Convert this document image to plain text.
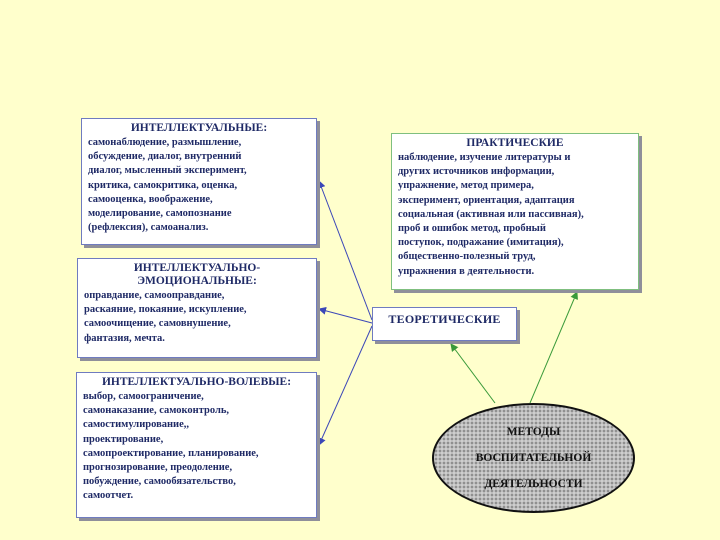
ИНТЕЛЛЕКТУАЛЬНЫЕ:
самонаблюдение, размышление,
обсуждение, диалог, внутренний
диалог, мысленный эксперимент,
критика, самокритика, оценка,
самооценка, воображение,
моделирование, самопознание
(рефлексия), самоанализ.
ИНТЕЛЛЕКТУАЛЬНО-
ЭМОЦИОНАЛЬНЫЕ:
оправдание, самооправдание,
раскаяние, покаяние, искупление,
самоочищение, самовнушение,
фантазия, мечта.
ИНТЕЛЛЕКТУАЛЬНО-ВОЛЕВЫЕ:
выбор, самоограничение,
самонаказание, самоконтроль,
самостимулирование,,
проектирование,
самопроектирование, планирование,
прогнозирование, преодоление,
побуждение, самообязательство,
самоотчет.
ПРАКТИЧЕСКИЕ
наблюдение, изучение литературы и
других источников информации,
упражнение, метод примера,
эксперимент, ориентация, адаптация
социальная (активная или пассивная),
проб и ошибок метод, пробный
поступок, подражание (имитация),
общественно-полезный труд,
упражнения в деятельности.
ТЕОРЕТИЧЕСКИЕ

МЕТОДЫ

ВОСПИТАТЕЛЬНОЙ

ДЕЯТЕЛЬНОСТИ
